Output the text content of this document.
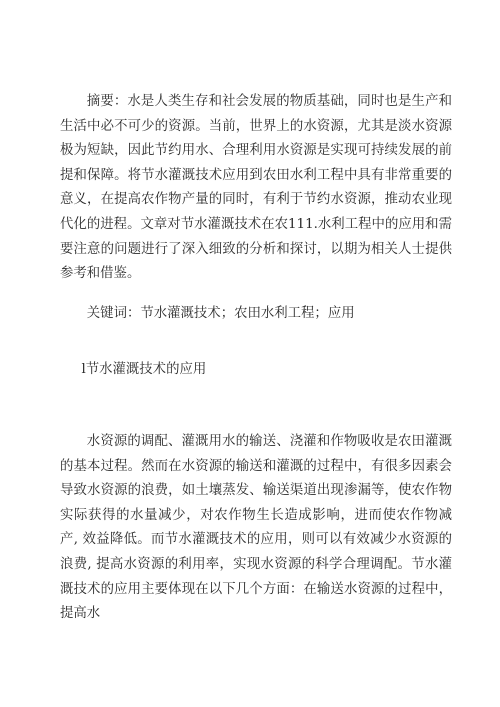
摘要：水是人类生存和社会发展的物质基础，同时也是生产和生活中必不可少的资源。当前，世界上的水资源，尤其是淡水资源极为短缺，因此节约用水、合理利用水资源是实现可持续发展的前提和保障。将节水灌溉技术应用到农田水利工程中具有非常重要的意义，在提高农作物产量的同时，有利于节约水资源，推动农业现代化的进程。文章对节水灌溉技术在农111.水利工程中的应用和需要注意的问题进行了深入细致的分析和探讨，以期为相关人士提供参考和借鉴。

关键词：节水灌溉技术；农田水利工程；应用

l节水灌溉技术的应用

水资源的调配、灌溉用水的输送、浇灌和作物吸收是农田灌溉的基本过程。然而在水资源的输送和灌溉的过程中，有很多因素会导致水资源的浪费，如土壤蒸发、输送渠道出现渗漏等，使农作物实际获得的水量减少，对农作物生长造成影响，进而使农作物减产, 效益降低。而节水灌溉技术的应用，则可以有效减少水资源的浪费, 提高水资源的利用率，实现水资源的科学合理调配。节水灌溉技术的应用主要体现在以下几个方面：在输送水资源的过程中，提高水
